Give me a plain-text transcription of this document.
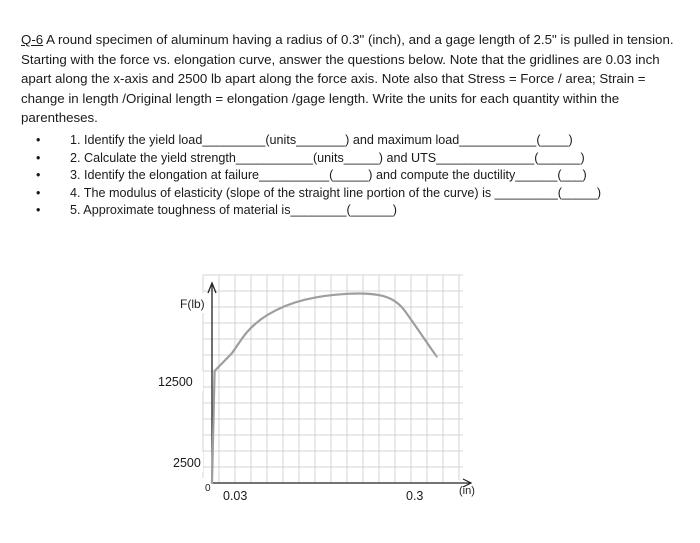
Q-6 A round specimen of aluminum having a radius of 0.3" (inch), and a gage length of 2.5" is pulled in tension. Starting with the force vs. elongation curve, answer the questions below. Note that the gridlines are 0.03 inch apart along the x-axis and 2500 lb apart along the force axis. Note also that Stress = Force / area; Strain = change in length /Original length = elongation /gage length. Write the units for each quantity within the parentheses.
• 1. Identify the yield load_________(units_______) and maximum load___________(____)
• 2. Calculate the yield strength___________(units_____) and UTS______________(______)
• 3. Identify the elongation at failure__________(_____) and compute the ductility______(___)
• 4. The modulus of elasticity (slope of the straight line portion of the curve) is _________(_____)
• 5. Approximate toughness of material is________(______)
F(lb)
(in)
12500
2500
0
0.03	0.3
